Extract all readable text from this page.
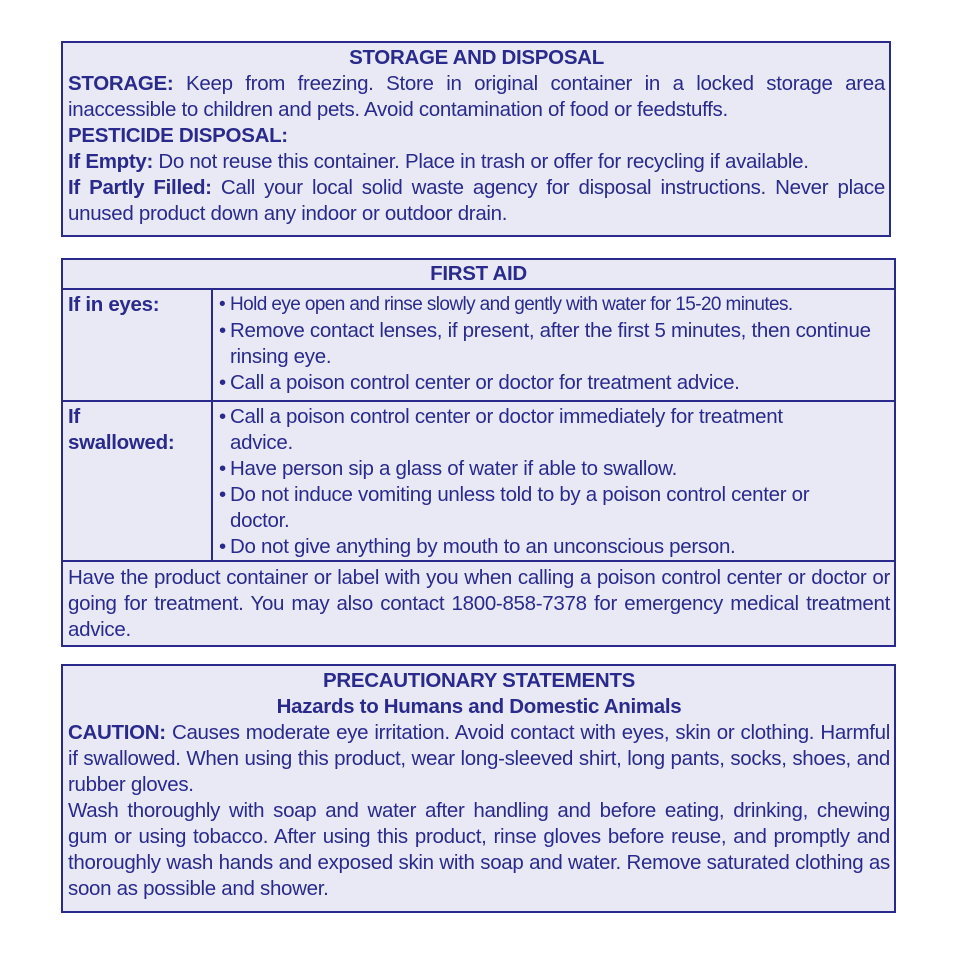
STORAGE AND DISPOSAL
STORAGE: Keep from freezing. Store in original container in a locked storage area inaccessible to children and pets. Avoid contamination of food or feedstuffs.
PESTICIDE DISPOSAL:
If Empty: Do not reuse this container. Place in trash or offer for recycling if available.
If Partly Filled: Call your local solid waste agency for disposal instructions. Never place unused product down any indoor or outdoor drain.
FIRST AID
If in eyes:	• Hold eye open and rinse slowly and gently with water for 15-20 minutes.
• Remove contact lenses, if present, after the first 5 minutes, then continue rinsing eye.
• Call a poison control center or doctor for treatment advice.
If swallowed:
• Call a poison control center or doctor immediately for treatment advice.
• Have person sip a glass of water if able to swallow.
• Do not induce vomiting unless told to by a poison control center or doctor.
• Do not give anything by mouth to an unconscious person.
Have the product container or label with you when calling a poison control center or doctor or going for treatment. You may also contact 1800-858-7378 for emergency medical treatment advice.
PRECAUTIONARY STATEMENTS
Hazards to Humans and Domestic Animals
CAUTION: Causes moderate eye irritation. Avoid contact with eyes, skin or clothing. Harmful if swallowed. When using this product, wear long-sleeved shirt, long pants, socks, shoes, and rubber gloves.
Wash thoroughly with soap and water after handling and before eating, drinking, chewing gum or using tobacco. After using this product, rinse gloves before reuse, and promptly and thoroughly wash hands and exposed skin with soap and water. Remove saturated clothing as soon as possible and shower.
